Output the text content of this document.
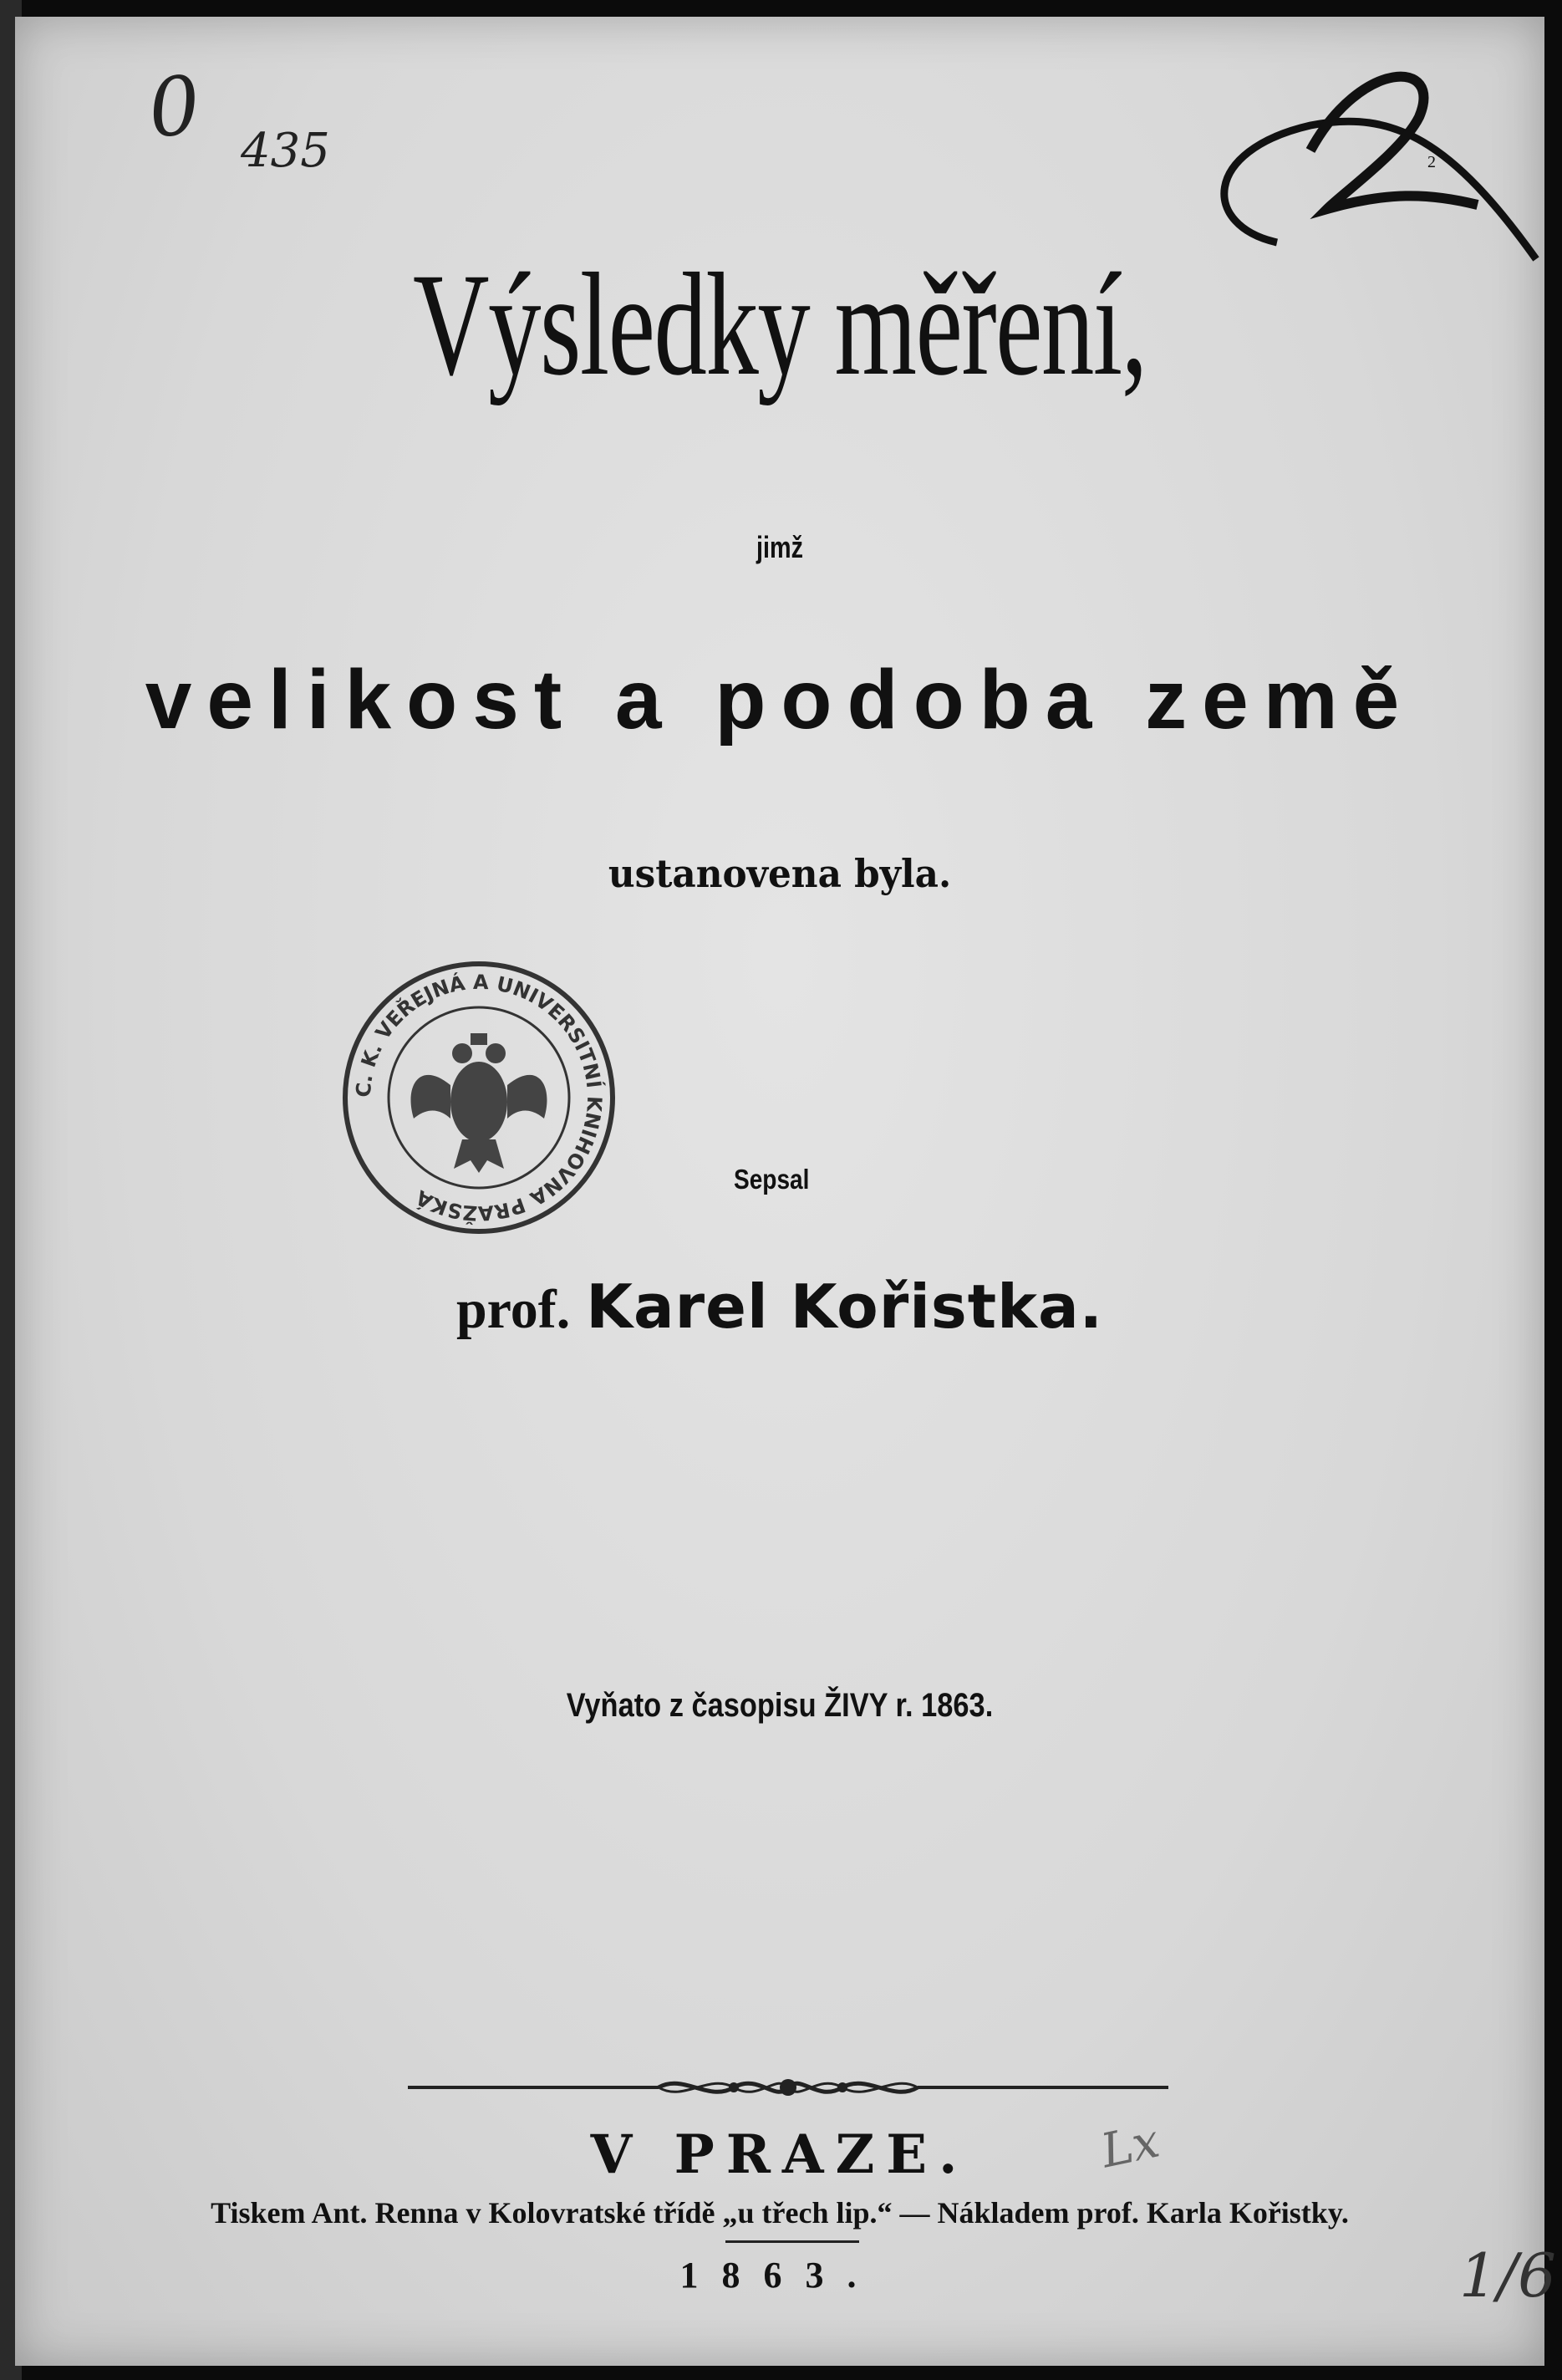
0 435	2
Výsledky měření,
jimž
velikost a podoba země
ustanovena byla.
C. K. VEŘEJNÁ A UNIVERSITNÍ KNIHOVNA PRAŽSKÁ
Sepsal
prof. Karel Kořistka.
Vyňato z časopisu ŽIVY r. 1863.
V PRAZE.	Lx
Tiskem Ant. Renna v Kolovratské třídě „u třech lip.“ — Nákladem prof. Karla Kořistky.
1863.	1/6
